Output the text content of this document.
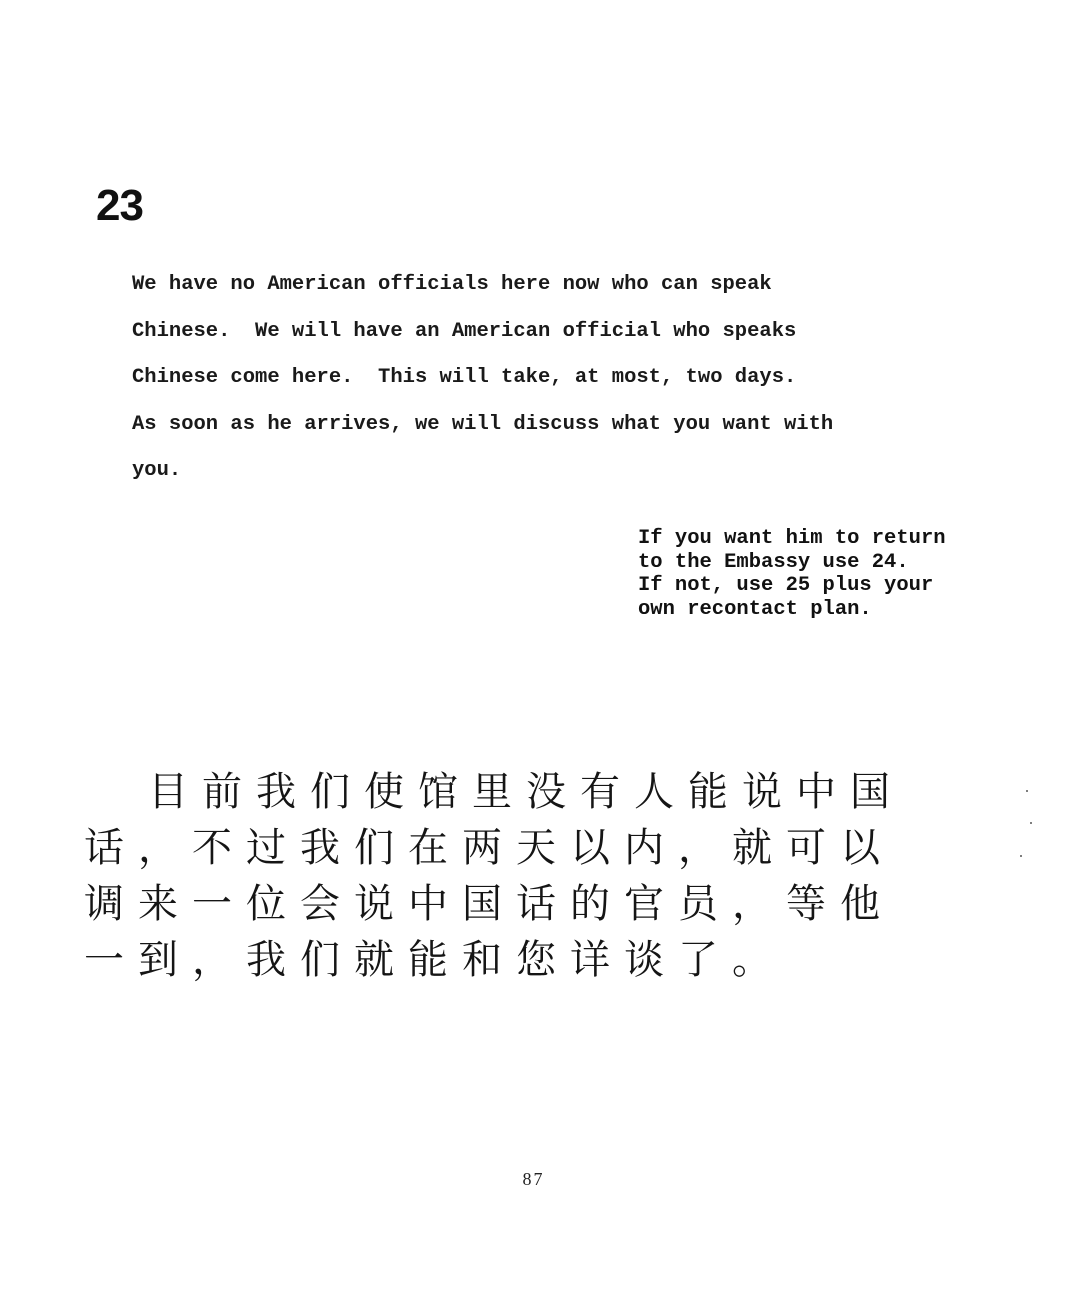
23
We have no American officials here now who can speak
Chinese.  We will have an American official who speaks
Chinese come here.  This will take, at most, two days.
As soon as he arrives, we will discuss what you want with
you.
If you want him to return
to the Embassy use 24.
If not, use 25 plus your
own recontact plan.
目前我们使馆里没有人能说中国
话，不过我们在两天以内，就可以
调来一位会说中国话的官员，等他
一到，我们就能和您详谈了。
87
